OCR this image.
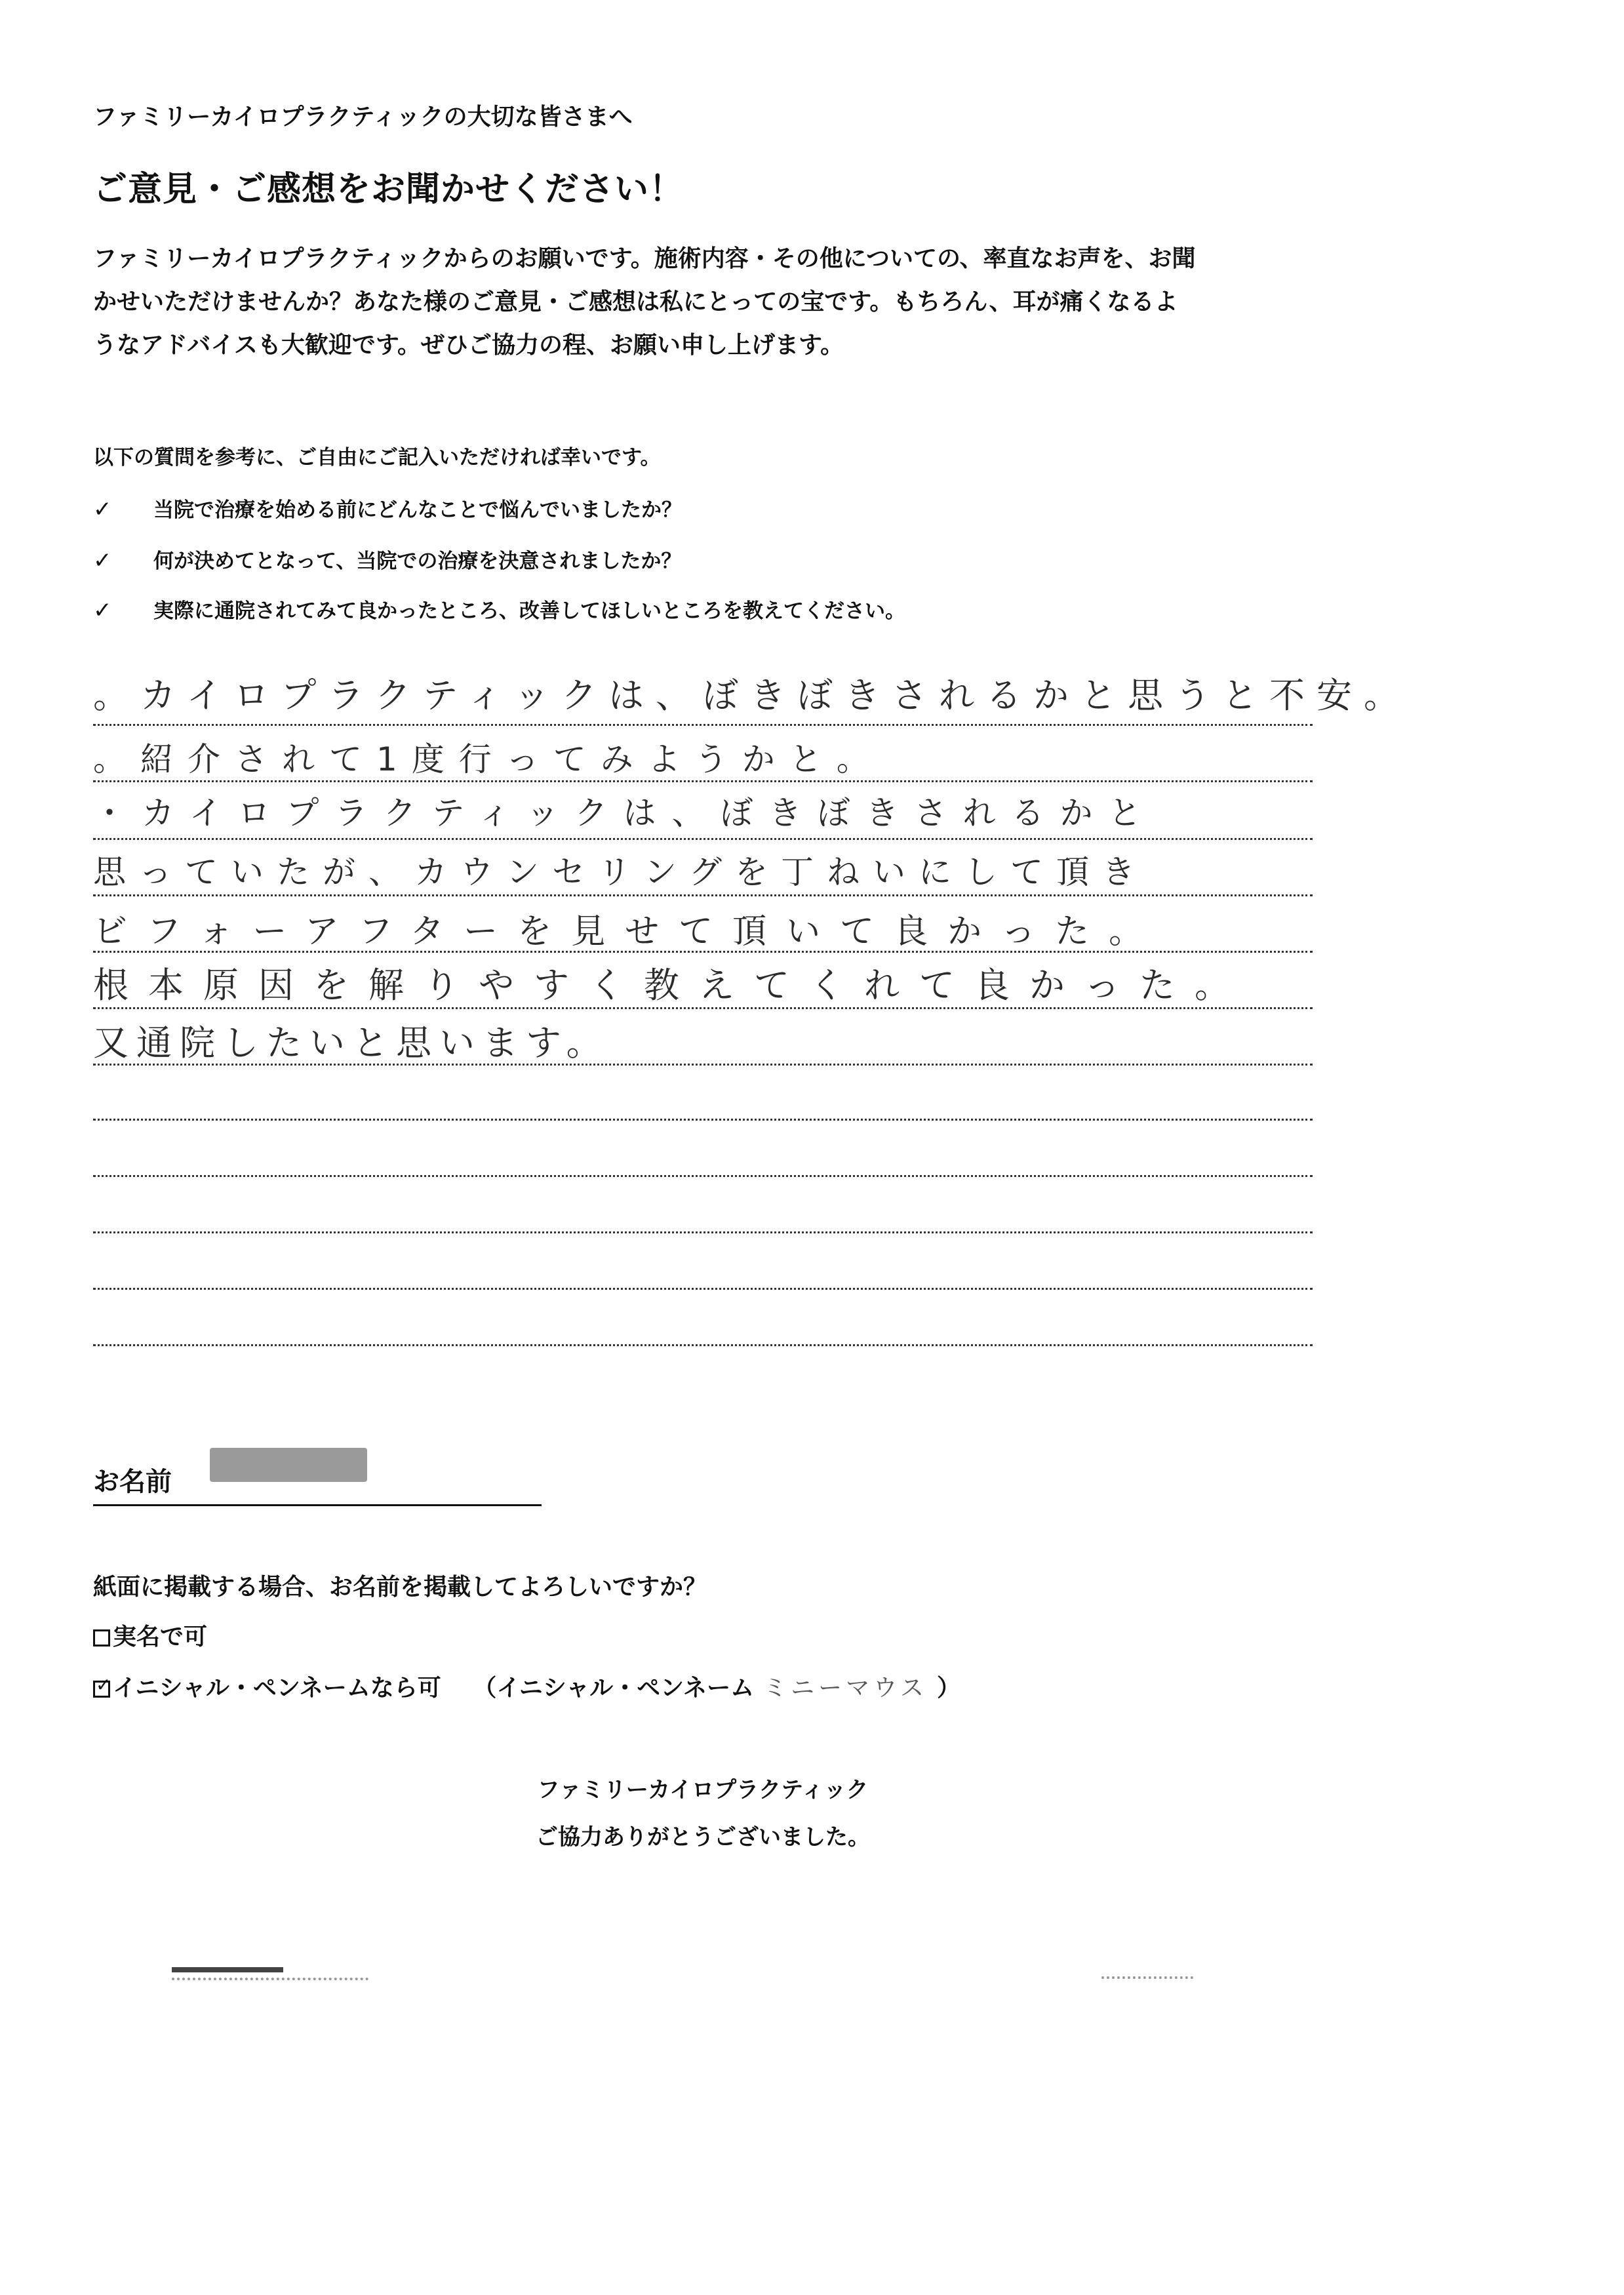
ファミリーカイロプラクティックの大切な皆さまへ
ご意見・ご感想をお聞かせください！
ファミリーカイロプラクティックからのお願いです。施術内容・その他についての、率直なお声を、お聞
かせいただけませんか？あなた様のご意見・ご感想は私にとっての宝です。もちろん、耳が痛くなるよ
うなアドバイスも大歓迎です。ぜひご協力の程、お願い申し上げます。
以下の質問を参考に、ご自由にご記入いただければ幸いです。
✓ 当院で治療を始める前にどんなことで悩んでいましたか？
✓ 何が決めてとなって、当院での治療を決意されましたか？
✓ 実際に通院されてみて良かったところ、改善してほしいところを教えてください。
。カイロプラクティックは、ぼきぼきされるかと思うと不安。
。紹介されて1度行ってみようかと。
・カイロプラクティックは、ぼきぼきされるかと
思っていたが、カウンセリングを丁ねいにして頂き
ビフォーアフターを見せて頂いて良かった。
根本原因を解りやすく教えてくれて良かった。
又通院したいと思います。
お名前
紙面に掲載する場合、お名前を掲載してよろしいですか？
実名で可
✓ イニシャル・ペンネームなら可 （イニシャル・ペンネーム ミニーマウス ）
ファミリーカイロプラクティック
ご協力ありがとうございました。
